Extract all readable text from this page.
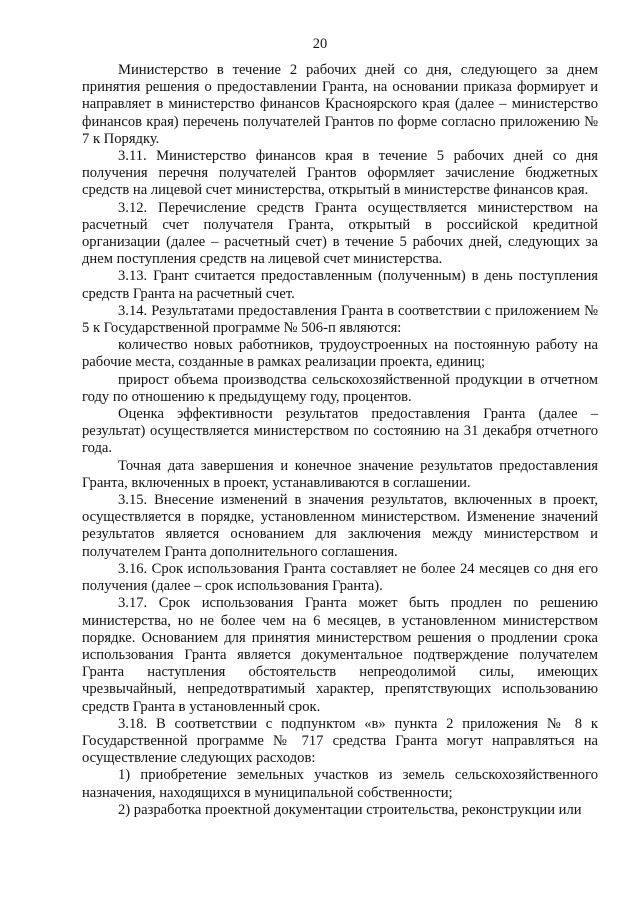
20

Министерство в течение 2 рабочих дней со дня, следующего за днем принятия решения о предоставлении Гранта, на основании приказа формирует и направляет в министерство финансов Красноярского края (далее – министерство финансов края) перечень получателей Грантов по форме согласно приложению № 7 к Порядку.

3.11. Министерство финансов края в течение 5 рабочих дней со дня получения перечня получателей Грантов оформляет зачисление бюджетных средств на лицевой счет министерства, открытый в министерстве финансов края.

3.12. Перечисление средств Гранта осуществляется министерством на расчетный счет получателя Гранта, открытый в российской кредитной организации (далее – расчетный счет) в течение 5 рабочих дней, следующих за днем поступления средств на лицевой счет министерства.

3.13. Грант считается предоставленным (полученным) в день поступления средств Гранта на расчетный счет.

3.14. Результатами предоставления Гранта в соответствии с приложением № 5 к Государственной программе № 506-п являются:

количество новых работников, трудоустроенных на постоянную работу на рабочие места, созданные в рамках реализации проекта, единиц;

прирост объема производства сельскохозяйственной продукции в отчетном году по отношению к предыдущему году, процентов.

Оценка эффективности результатов предоставления Гранта (далее – результат) осуществляется министерством по состоянию на 31 декабря отчетного года.

Точная дата завершения и конечное значение результатов предоставления Гранта, включенных в проект, устанавливаются в соглашении.

3.15. Внесение изменений в значения результатов, включенных в проект, осуществляется в порядке, установленном министерством. Изменение значений результатов является основанием для заключения между министерством и получателем Гранта дополнительного соглашения.

3.16. Срок использования Гранта составляет не более 24 месяцев со дня его получения (далее – срок использования Гранта).

3.17. Срок использования Гранта может быть продлен по решению министерства, но не более чем на 6 месяцев, в установленном министерством порядке. Основанием для принятия министерством решения о продлении срока использования Гранта является документальное подтверждение получателем Гранта наступления обстоятельств непреодолимой силы, имеющих чрезвычайный, непредотвратимый характер, препятствующих использованию средств Гранта в установленный срок.

3.18. В соответствии с подпунктом «в» пункта 2 приложения № 8 к Государственной программе № 717 средства Гранта могут направляться на осуществление следующих расходов:

1) приобретение земельных участков из земель сельскохозяйственного назначения, находящихся в муниципальной собственности;

2) разработка проектной документации строительства, реконструкции или
